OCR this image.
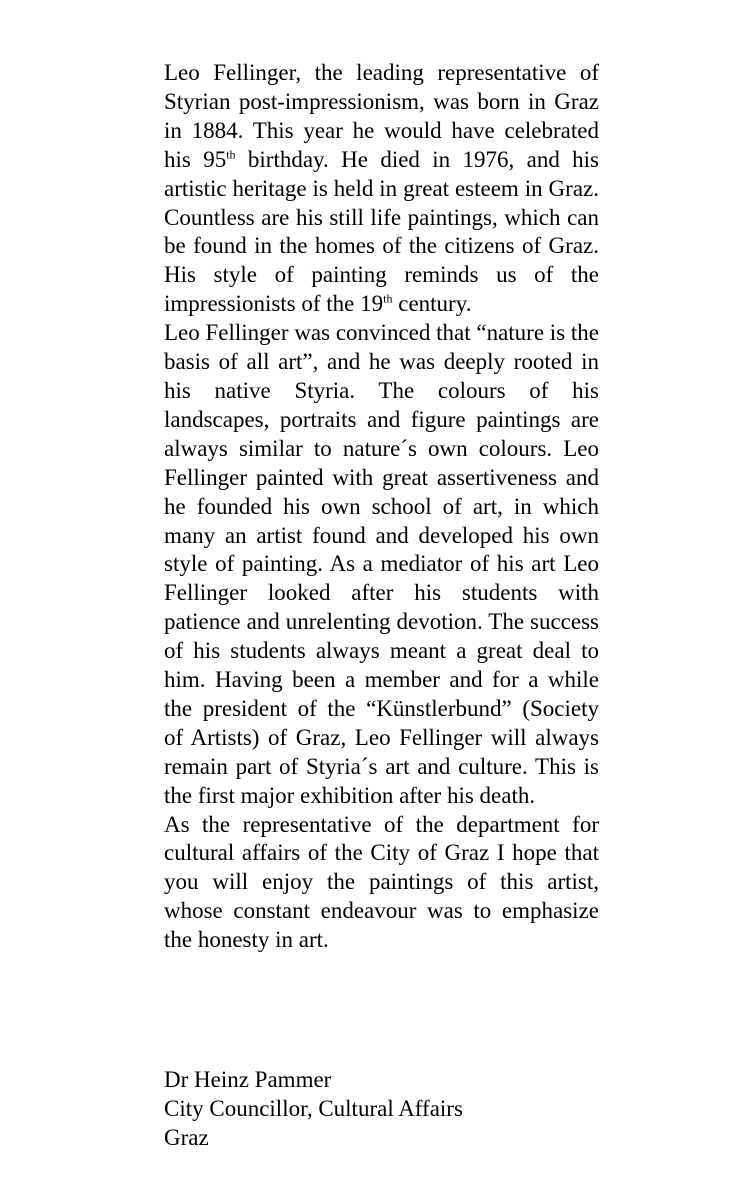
Leo Fellinger, the leading representative of Styrian post-impressionism, was born in Graz in 1884. This year he would have celebrated his 95th birthday. He died in 1976, and his artistic heritage is held in great esteem in Graz. Countless are his still life paintings, which can be found in the homes of the citizens of Graz. His style of painting reminds us of the impressionists of the 19th century.

Leo Fellinger was convinced that “nature is the basis of all art”, and he was deeply rooted in his native Styria. The colours of his landscapes, portraits and figure paintings are always similar to nature´s own colours. Leo Fellinger painted with great assertiveness and he founded his own school of art, in which many an artist found and developed his own style of painting. As a mediator of his art Leo Fellinger looked after his students with patience and unrelenting devotion. The success of his students always meant a great deal to him. Having been a member and for a while the president of the “Künstlerbund” (Society of Artists) of Graz, Leo Fellinger will always remain part of Styria´s art and culture. This is the first major exhibition after his death.

As the representative of the department for cultural affairs of the City of Graz I hope that you will enjoy the paintings of this artist, whose constant endeavour was to emphasize the honesty in art.

Dr Heinz Pammer
City Councillor, Cultural Affairs
Graz
